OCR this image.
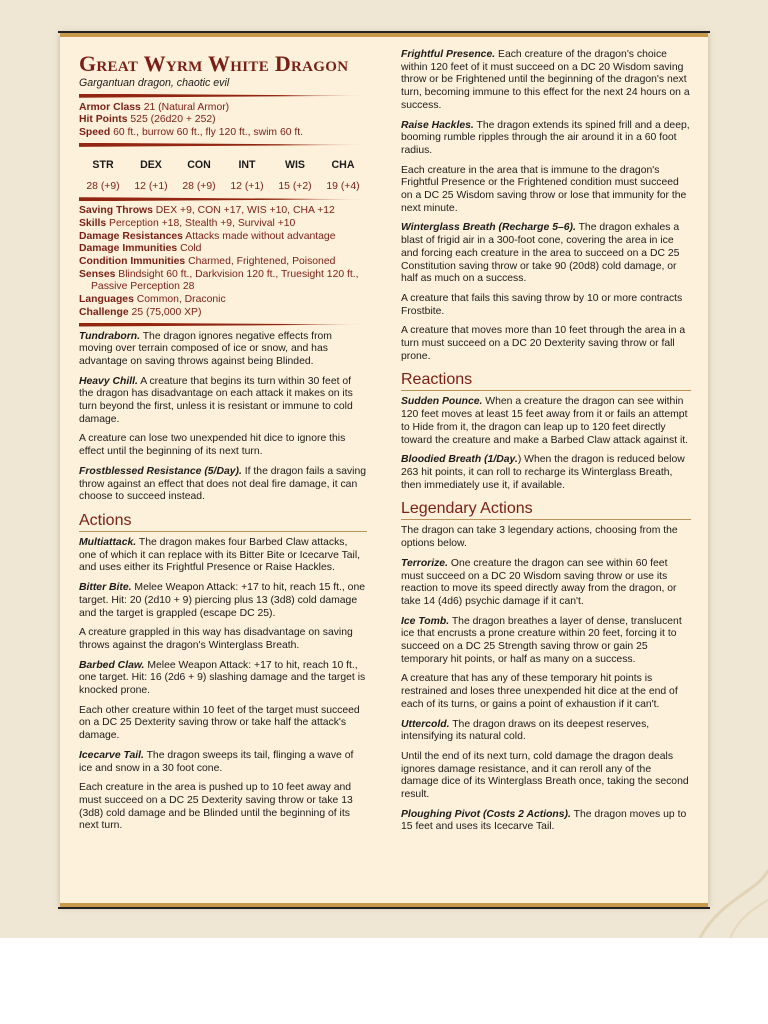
Great Wyrm White Dragon
Gargantuan dragon, chaotic evil
Armor Class 21 (Natural Armor)
Hit Points 525 (26d20 + 252)
Speed 60 ft., burrow 60 ft., fly 120 ft., swim 60 ft.
STR
28 (+9)
DEX
12 (+1)
CON
28 (+9)
INT
12 (+1)
WIS
15 (+2)
CHA
19 (+4)
Saving Throws DEX +9, CON +17, WIS +10, CHA +12
Skills Perception +18, Stealth +9, Survival +10
Damage Resistances Attacks made without advantage
Damage Immunities Cold
Condition Immunities Charmed, Frightened, Poisoned
Senses Blindsight 60 ft., Darkvision 120 ft., Truesight 120 ft., Passive Perception 28
Languages Common, Draconic
Challenge 25 (75,000 XP)

Tundraborn. The dragon ignores negative effects from moving over terrain composed of ice or snow, and has advantage on saving throws against being Blinded.

Heavy Chill. A creature that begins its turn within 30 feet of the dragon has disadvantage on each attack it makes on its turn beyond the first, unless it is resistant or immune to cold damage.

A creature can lose two unexpended hit dice to ignore this effect until the beginning of its next turn.

Frostblessed Resistance (5/Day). If the dragon fails a saving throw against an effect that does not deal fire damage, it can choose to succeed instead.

Actions

Multiattack. The dragon makes four Barbed Claw attacks, one of which it can replace with its Bitter Bite or Icecarve Tail, and uses either its Frightful Presence or Raise Hackles.

Bitter Bite. Melee Weapon Attack: +17 to hit, reach 15 ft., one target. Hit: 20 (2d10 + 9) piercing plus 13 (3d8) cold damage and the target is grappled (escape DC 25).

A creature grappled in this way has disadvantage on saving throws against the dragon's Winterglass Breath.

Barbed Claw. Melee Weapon Attack: +17 to hit, reach 10 ft., one target. Hit: 16 (2d6 + 9) slashing damage and the target is knocked prone.

Each other creature within 10 feet of the target must succeed on a DC 25 Dexterity saving throw or take half the attack's damage.

Icecarve Tail. The dragon sweeps its tail, flinging a wave of ice and snow in a 30 foot cone.

Each creature in the area is pushed up to 10 feet away and must succeed on a DC 25 Dexterity saving throw or take 13 (3d8) cold damage and be Blinded until the beginning of its next turn.

Frightful Presence. Each creature of the dragon's choice within 120 feet of it must succeed on a DC 20 Wisdom saving throw or be Frightened until the beginning of the dragon's next turn, becoming immune to this effect for the next 24 hours on a success.

Raise Hackles. The dragon extends its spined frill and a deep, booming rumble ripples through the air around it in a 60 foot radius.

Each creature in the area that is immune to the dragon's Frightful Presence or the Frightened condition must succeed on a DC 25 Wisdom saving throw or lose that immunity for the next minute.

Winterglass Breath (Recharge 5–6). The dragon exhales a blast of frigid air in a 300-foot cone, covering the area in ice and forcing each creature in the area to succeed on a DC 25 Constitution saving throw or take 90 (20d8) cold damage, or half as much on a success.

A creature that fails this saving throw by 10 or more contracts Frostbite.

A creature that moves more than 10 feet through the area in a turn must succeed on a DC 20 Dexterity saving throw or fall prone.

Reactions

Sudden Pounce. When a creature the dragon can see within 120 feet moves at least 15 feet away from it or fails an attempt to Hide from it, the dragon can leap up to 120 feet directly toward the creature and make a Barbed Claw attack against it.

Bloodied Breath (1/Day.) When the dragon is reduced below 263 hit points, it can roll to recharge its Winterglass Breath, then immediately use it, if available.

Legendary Actions

The dragon can take 3 legendary actions, choosing from the options below.

Terrorize. One creature the dragon can see within 60 feet must succeed on a DC 20 Wisdom saving throw or use its reaction to move its speed directly away from the dragon, or take 14 (4d6) psychic damage if it can't.

Ice Tomb. The dragon breathes a layer of dense, translucent ice that encrusts a prone creature within 20 feet, forcing it to succeed on a DC 25 Strength saving throw or gain 25 temporary hit points, or half as many on a success.

A creature that has any of these temporary hit points is restrained and loses three unexpended hit dice at the end of each of its turns, or gains a point of exhaustion if it can't.

Uttercold. The dragon draws on its deepest reserves, intensifying its natural cold.

Until the end of its next turn, cold damage the dragon deals ignores damage resistance, and it can reroll any of the damage dice of its Winterglass Breath once, taking the second result.

Ploughing Pivot (Costs 2 Actions). The dragon moves up to 15 feet and uses its Icecarve Tail.
